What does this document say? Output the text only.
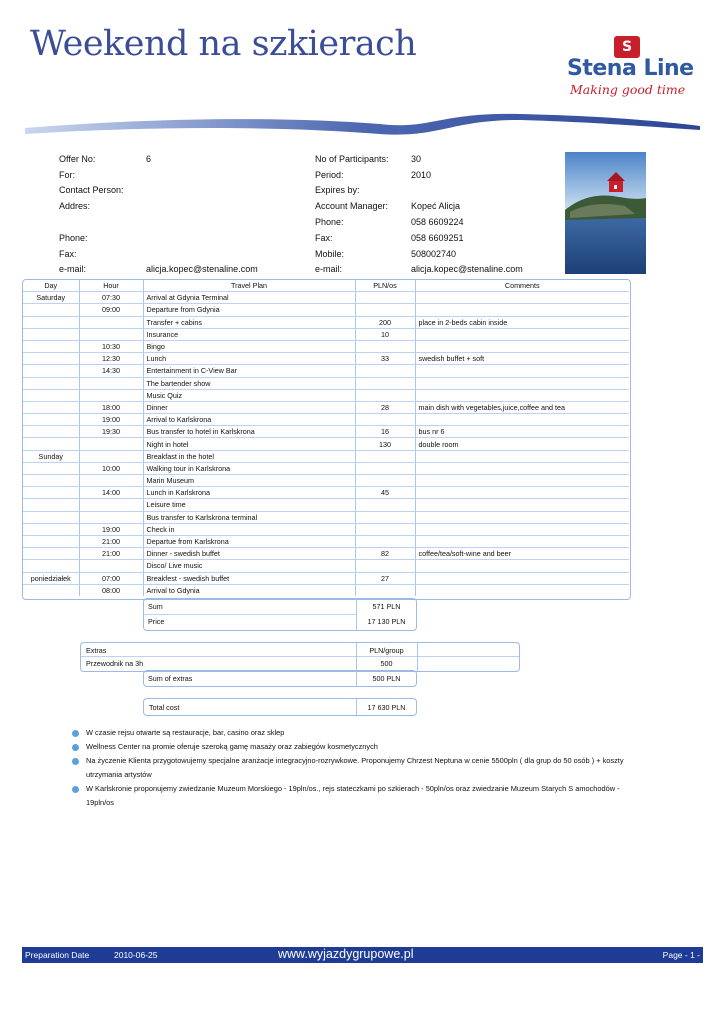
Weekend na szkierach	S
Stena Line
Making good time
Offer No:	6
For:
Contact Person:
Addres:
Phone:
Fax:
e-mail:	alicja.kopec@stenaline.com
No of Participants: 30
Period:	2010
Expires by:
Account Manager:	Kopeć Alicja
Phone:	058 6609224
Fax:	058 6609251
Mobile:	508002740
e-mail:	alicja.kopec@stenaline.com
Day	Hour	Travel Plan	PLN/os	Comments
Saturday	07:30	Arrival at Gdynia Terminal		
	09:00	Departure from Gdynia		
		Transfer + cabins	200	place in 2-beds cabin inside
		Insurance	10	
	10:30	Bingo		
	12:30	Lunch	33	swedish buffet + soft
	14:30	Entertainment in C-View Bar		
		The bartender show		
		Music Quiz		
	18:00	Dinner	28	main dish with vegetables,juice,coffee and tea
	19:00	Arrival to Karlskrona		
	19:30	Bus transfer to hotel in Karlskrona	16	bus nr 6
		Night in hotel	130	double room
Sunday		Breakfast in the hotel		
	10:00	Walking tour in Karlskrona		
		Marin Museum		
	14:00	Lunch in Karlskrona	45	
		Leisure time		
		Bus transfer to Karlskrona terminal		
	19:00	Check in		
	21:00	Departue from Karlskrona		
	21:00	Dinner - swedish buffet	82	coffee/tea/soft-wine and beer
		Disco/ Live music		
poniedziałek	07:00	Breakfest - swedish buffet	27	
	08:00	Arrival to Gdynia		
Sum	571 PLN
Price	17 130 PLN
Extras	PLN/group
Przewodnik na 3h	500
Sum of extras	500 PLN
Total cost	17 630 PLN
W czasie rejsu otwarte są restauracje, bar, casino oraz sklep
Wellness Center na promie oferuje szeroką gamę masaży oraz zabiegów kosmetycznych
Na życzenie Klienta przygotowujemy specjalne aranżacje integracyjno-rozrywkowe. Proponujemy Chrzest Neptuna w cenie 5500pln ( dla grup do 50 osób ) + koszty utrzymania artystów
W Karlskronie proponujemy zwiedzanie Muzeum Morskiego - 19pln/os., rejs stateczkami po szkierach - 50pln/os oraz zwiedzanie Muzeum Starych S amochodów - 19pln/os
Preparation Date	2010-06-25	www.wyjazdygrupowe.pl	Page - 1 -
